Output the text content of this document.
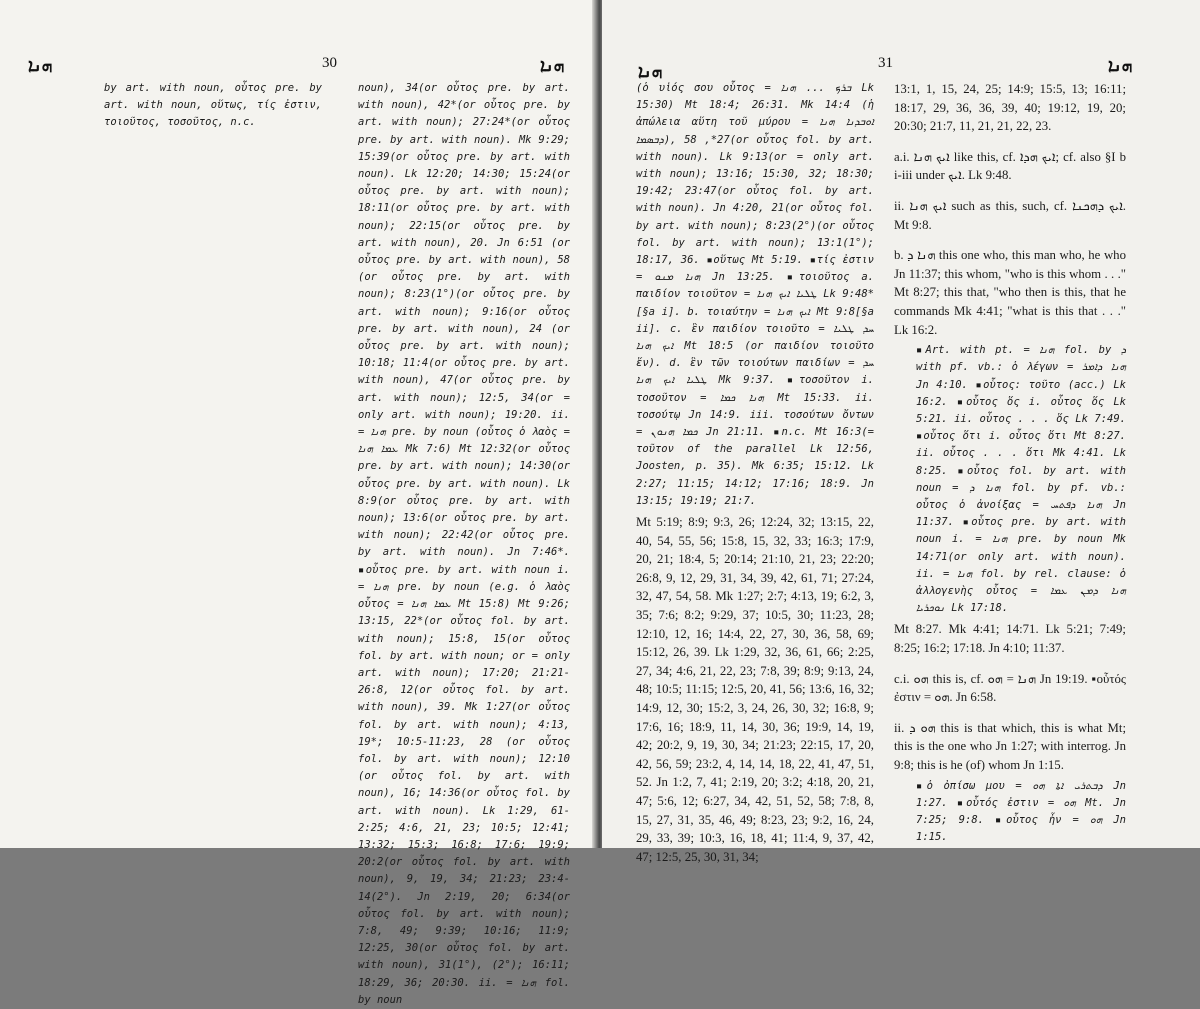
ܗܢܐ	30	ܗܢܐ

by art. with noun, οὗτος pre. by art. with noun, οὕτως, τίς ἐστιν, τοιοῦτος, τοσοῦτος, n.c.

noun), 34(or οὗτος pre. by art. with noun), 42*(or οὗτος pre. by art. with noun); 27:24*(or οὗτος pre. by art. with noun). Mk 9:29; 15:39(or οὗτος pre. by art. with noun). Lk 12:20; 14:30; 15:24(or οὗτος pre. by art. with noun); 18:11(or οὗτος pre. by art. with noun); 22:15(or οὗτος pre. by art. with noun), 20. Jn 6:51 (or οὗτος pre. by art. with noun), 58 (or οὗτος pre. by art. with noun); 8:23(1°)(or οὗτος pre. by art. with noun); 9:16(or οὗτος pre. by art. with noun), 24 (or οὗτος pre. by art. with noun); 10:18; 11:4(or οὗτος pre. by art. with noun), 47(or οὗτος pre. by art. with noun); 12:5, 34(or = only art. with noun); 19:20. ii. = ܗܢܐ pre. by noun (οὗτος ὁ λαὸς = ܥܡܐ ܗܢܐ Mk 7:6) Mt 12:32(or οὗτος pre. by art. with noun); 14:30(or οὗτος pre. by art. with noun). Lk 8:9(or οὗτος pre. by art. with noun); 13:6(or οὗτος pre. by art. with noun); 22:42(or οὗτος pre. by art. with noun). Jn 7:46*. ▪οὗτος pre. by art. with noun i. = ܗܢܐ pre. by noun (e.g. ὁ λαὸς οὗτος = ܥܡܐ ܗܢܐ Mt 15:8) Mt 9:26; 13:15, 22*(or οὗτος fol. by art. with noun); 15:8, 15(or οὗτος fol. by art. with noun; or = only art. with noun); 17:20; 21:21-26:8, 12(or οὗτος fol. by art. with noun), 39. Mk 1:27(or οὗτος fol. by art. with noun); 4:13, 19*; 10:5-11:23, 28 (or οὗτος fol. by art. with noun); 12:10 (or οὗτος fol. by art. with noun), 16; 14:36(or οὗτος fol. by art. with noun). Lk 1:29, 61-2:25; 4:6, 21, 23; 10:5; 12:41; 13:32; 15:3; 16:8; 17:6; 19:9; 20:2(or οὗτος fol. by art. with noun), 9, 19, 34; 21:23; 23:4-14(2°). Jn 2:19, 20; 6:34(or οὗτος fol. by art. with noun); 7:8, 49; 9:39; 10:16; 11:9; 12:25, 30(or οὗτος fol. by art. with noun), 31(1°), (2°); 16:11; 18:29, 36; 20:30. ii. = ܗܢܐ fol. by noun

ܗܢܐ	31	ܗܢܐ

(ὁ υἱός σου οὗτος = ܒܪܟ ... ܗܢܐ Lk 15:30) Mt 18:4; 26:31. Mk 14:4 (ἡ ἀπώλεια αὕτη τοῦ μύρου = ܐܘܒܕܢܐ ܗܢܐ ܕܒܣܡܐ), 27*, 58(or οὗτος fol. by art. with noun). Lk 9:13(or = only art. with noun); 13:16; 15:30, 32; 18:30; 19:42; 23:47(or οὗτος fol. by art. with noun). Jn 4:20, 21(or οὗτος fol. by art. with noun); 8:23(2°)(or οὗτος fol. by art. with noun); 13:1(1°); 18:17, 36. ▪οὕτως Mt 5:19. ▪τίς ἐστιν = ܗܢܐ ܡܢܘ Jn 13:25. ▪τοιοῦτος a. παιδίον τοιοῦτον = ܛܠܝܐ ܐܝܟ ܗܢܐ Lk 9:48*[§a i]. b. τοιαύτην = ܐܝܟ ܗܢܐ Mt 9:8[§a ii]. c. ἓν παιδίον τοιοῦτο = ܚܕ ܛܠܝܐ ܐܝܟ ܗܢܐ Mt 18:5 (or παιδίον τοιοῦτο ἕν). d. ἓν τῶν τοιούτων παιδίων = ܚܕ ܛܠܝܐ ܐܝܟ ܗܢܐ Mk 9:37. ▪τοσοῦτον i. τοσοῦτον = ܗܢܐ ܟܡܐ Mt 15:33. ii. τοσούτῳ Jn 14:9. iii. τοσούτων ὄντων = ܟܡܐ ܗܢܘܢ Jn 21:11. ▪n.c. Mt 16:3(= τοῦτον of the parallel Lk 12:56, Joosten, p. 35). Mk 6:35; 15:12. Lk 2:27; 11:15; 14:12; 17:16; 18:9. Jn 13:15; 19:19; 21:7.

Mt 5:19; 8:9; 9:3, 26; 12:24, 32; 13:15, 22, 40, 54, 55, 56; 15:8, 15, 32, 33; 16:3; 17:9, 20, 21; 18:4, 5; 20:14; 21:10, 21, 23; 22:20; 26:8, 9, 12, 29, 31, 34, 39, 42, 61, 71; 27:24, 32, 47, 54, 58. Mk 1:27; 2:7; 4:13, 19; 6:2, 3, 35; 7:6; 8:2; 9:29, 37; 10:5, 30; 11:23, 28; 12:10, 12, 16; 14:4, 22, 27, 30, 36, 58, 69; 15:12, 26, 39. Lk 1:29, 32, 36, 61, 66; 2:25, 27, 34; 4:6, 21, 22, 23; 7:8, 39; 8:9; 9:13, 24, 48; 10:5; 11:15; 12:5, 20, 41, 56; 13:6, 16, 32; 14:9, 12, 30; 15:2, 3, 24, 26, 30, 32; 16:8, 9; 17:6, 16; 18:9, 11, 14, 30, 36; 19:9, 14, 19, 42; 20:2, 9, 19, 30, 34; 21:23; 22:15, 17, 20, 42, 56, 59; 23:2, 4, 14, 14, 18, 22, 41, 47, 51, 52. Jn 1:2, 7, 41; 2:19, 20; 3:2; 4:18, 20, 21, 47; 5:6, 12; 6:27, 34, 42, 51, 52, 58; 7:8, 8, 15, 27, 31, 35, 46, 49; 8:23, 23; 9:2, 16, 24, 29, 33, 39; 10:3, 16, 18, 41; 11:4, 9, 37, 42, 47; 12:5, 25, 30, 31, 34;

13:1, 1, 15, 24, 25; 14:9; 15:5, 13; 16:11; 18:17, 29, 36, 36, 39, 40; 19:12, 19, 20; 20:30; 21:7, 11, 21, 21, 22, 23.

a.i. ܐܝܟ ܗܢܐ like this, cf. ܐܝܟ ܗܕܐ; cf. also §I b i-iii under ܐܝܟ. Lk 9:48.

ii. ܐܝܟ ܗܢܐ such as this, such, cf. ܐܝܟ ܕܗܟܢܐ. Mt 9:8.

b. ܗܢܐ ܕ this one who, this man who, he who Jn 11:37; this whom, "who is this whom . . ." Mt 8:27; this that, "who then is this, that he commands Mk 4:41; "what is this that . . ." Lk 16:2.

▪Art. with pt. = ܗܢܐ fol. by ܕ with pf. vb.: ὁ λέγων = ܗܢܐ ܕܐܡܪ Jn 4:10. ▪οὗτος: τοῦτο (acc.) Lk 16:2. ▪οὗτος ὅς i. οὗτος ὅς Lk 5:21. ii. οὗτος . . . ὅς Lk 7:49. ▪οὗτος ὅτι i. οὗτος ὅτι Mt 8:27. ii. οὗτος . . . ὅτι Mk 4:41. Lk 8:25. ▪οὗτος fol. by art. with noun = ܗܢܐ ܕ fol. by pf. vb.: οὗτος ὁ ἀνοίξας = ܗܢܐ ܕܦܬܚ Jn 11:37. ▪οὗτος pre. by art. with noun i. = ܗܢܐ pre. by noun Mk 14:71(or only art. with noun). ii. = ܗܢܐ fol. by rel. clause: ὁ ἀλλογενὴς οὗτος = ܗܢܐ ܕܡܢ ܥܡܐ ܢܘܟܪܝܐ Lk 17:18.

Mt 8:27. Mk 4:41; 14:71. Lk 5:21; 7:49; 8:25; 16:2; 17:18. Jn 4:10; 11:37.

c.i. ܗܘ this is, cf. ܗܢܐ = ܗܘ Jn 19:19. ▪οὗτός ἐστιν = ܗܘ. Jn 6:58.

ii. ܗܘ ܕ this is that which, this is what Mt; this is the one who Jn 1:27; with interrog. Jn 9:8; this is he (of) whom Jn 1:15.

▪ὁ ὀπίσω μου = ܕܒܬܪܝ ܐܬܐ ܗܘ Jn 1:27. ▪οὗτός ἐστιν = ܗܘ Mt. Jn 7:25; 9:8. ▪οὗτος ἦν = ܗܘ Jn 1:15.
